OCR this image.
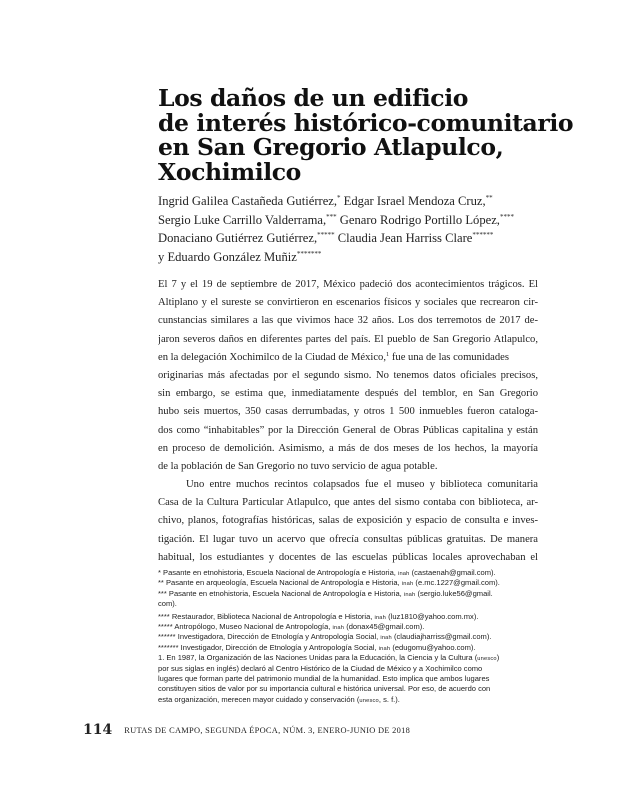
Los daños de un edificio
de interés histórico-comunitario
en San Gregorio Atlapulco,
Xochimilco
Ingrid Galilea Castañeda Gutiérrez,* Edgar Israel Mendoza Cruz,**
Sergio Luke Carrillo Valderrama,*** Genaro Rodrigo Portillo López,****
Donaciano Gutiérrez Gutiérrez,***** Claudia Jean Harriss Clare******
y Eduardo González Muñiz*******
El 7 y el 19 de septiembre de 2017, México padeció dos acontecimientos trágicos. El
Altiplano y el sureste se convirtieron en escenarios físicos y sociales que recrearon cir-
cunstancias similares a las que vivimos hace 32 años. Los dos terremotos de 2017 de-
jaron severos daños en diferentes partes del país. El pueblo de San Gregorio Atlapulco,
en la delegación Xochimilco de la Ciudad de México,$^1$ fue una de las comunidades
originarias más afectadas por el segundo sismo. No tenemos datos oficiales precisos,
sin embargo, se estima que, inmediatamente después del temblor, en San Gregorio
hubo seis muertos, 350 casas derrumbadas, y otros 1 500 inmuebles fueron cataloga-
dos como “inhabitables” por la Dirección General de Obras Públicas capitalina y están
en proceso de demolición. Asimismo, a más de dos meses de los hechos, la mayoría
de la población de San Gregorio no tuvo servicio de agua potable.
Uno entre muchos recintos colapsados fue el museo y biblioteca comunitaria
Casa de la Cultura Particular Atlapulco, que antes del sismo contaba con biblioteca, ar-
chivo, planos, fotografías históricas, salas de exposición y espacio de consulta e inves-
tigación. El lugar tuvo un acervo que ofrecía consultas públicas gratuitas. De manera
habitual, los estudiantes y docentes de las escuelas públicas locales aprovechaban el
* Pasante en etnohistoria, Escuela Nacional de Antropología e Historia, inah (castaenah@gmail.com).
** Pasante en arqueología, Escuela Nacional de Antropología e Historia, inah (e.mc.1227@gmail.com).
*** Pasante en etnohistoria, Escuela Nacional de Antropología e Historia, inah (sergio.luke56@gmail.
com).
**** Restaurador, Biblioteca Nacional de Antropología e Historia, inah (luz1810@yahoo.com.mx).
***** Antropólogo, Museo Nacional de Antropología, inah (donax45@gmail.com).
****** Investigadora, Dirección de Etnología y Antropología Social, inah (claudiajharriss@gmail.com).
******* Investigador, Dirección de Etnología y Antropología Social, inah (edugomu@yahoo.com).
1. En 1987, la Organización de las Naciones Unidas para la Educación, la Ciencia y la Cultura (unesco)
por sus siglas en inglés) declaró al Centro Histórico de la Ciudad de México y a Xochimilco como
lugares que forman parte del patrimonio mundial de la humanidad. Esto implica que ambos lugares
constituyen sitios de valor por su importancia cultural e histórica universal. Por eso, de acuerdo con
esta organización, merecen mayor cuidado y conservación (unesco, s. f.).
114 RUTAS DE CAMPO, SEGUNDA ÉPOCA, NÚM. 3, ENERO-JUNIO DE 2018
